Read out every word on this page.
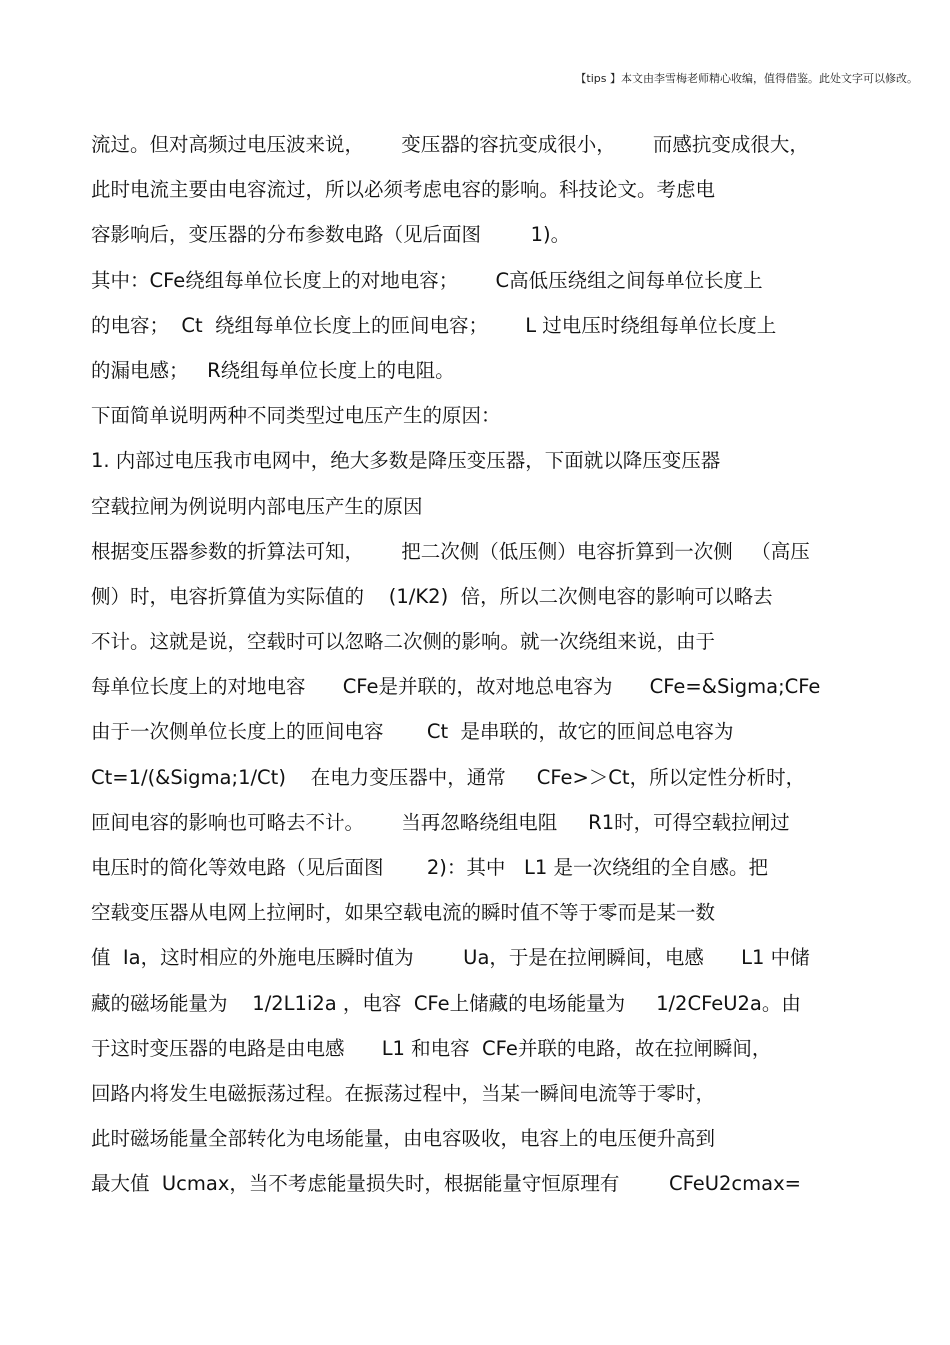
【tips 】本文由李雪梅老师精心收编，值得借鉴。此处文字可以修改。
流过。但对高频过电压波来说，      变压器的容抗变成很小，      而感抗变成很大，
此时电流主要由电容流过，所以必须考虑电容的影响。科技论文。考虑电
容影响后，变压器的分布参数电路（见后面图        1)。
其中：CFe绕组每单位长度上的对地电容；      C高低压绕组之间每单位长度上
的电容；  Ct  绕组每单位长度上的匝间电容；      L 过电压时绕组每单位长度上
的漏电感；   R绕组每单位长度上的电阻。
下面简单说明两种不同类型过电压产生的原因：
1. 内部过电压我市电网中，绝大多数是降压变压器，下面就以降压变压器
空载拉闸为例说明内部电压产生的原因
根据变压器参数的折算法可知，      把二次侧（低压侧）电容折算到一次侧   （高压
侧）时，电容折算值为实际值的    (1/K2)  倍，所以二次侧电容的影响可以略去
不计。这就是说，空载时可以忽略二次侧的影响。就一次绕组来说，由于
每单位长度上的对地电容      CFe是并联的，故对地总电容为      CFe=&Sigma;CFe
由于一次侧单位长度上的匝间电容       Ct  是串联的，故它的匝间总电容为
Ct=1/(&Sigma;1/Ct)    在电力变压器中，通常     CFe>＞Ct，所以定性分析时，
匝间电容的影响也可略去不计。      当再忽略绕组电阻     R1时，可得空载拉闸过
电压时的简化等效电路（见后面图       2)：其中   L1 是一次绕组的全自感。把
空载变压器从电网上拉闸时，如果空载电流的瞬时值不等于零而是某一数
值  Ia，这时相应的外施电压瞬时值为        Ua，于是在拉闸瞬间，电感      L1 中储
藏的磁场能量为    1/2L1i2a ，电容  CFe上储藏的电场能量为     1/2CFeU2a。由
于这时变压器的电路是由电感      L1 和电容  CFe并联的电路，故在拉闸瞬间，
回路内将发生电磁振荡过程。在振荡过程中，当某一瞬间电流等于零时，
此时磁场能量全部转化为电场能量，由电容吸收，电容上的电压便升高到
最大值  Ucmax，当不考虑能量损失时，根据能量守恒原理有        CFeU2cmax=
